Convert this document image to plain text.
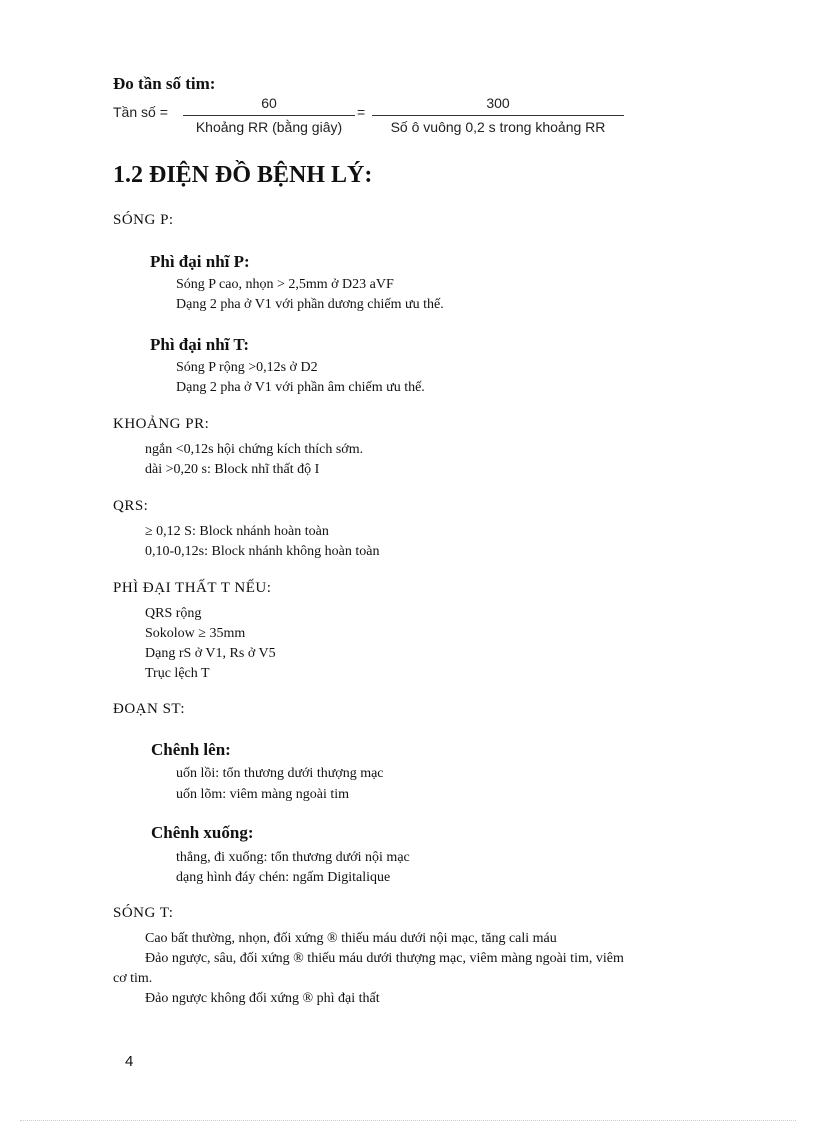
Đo tần số tim:
Tần số =
60
Khoảng RR (bằng giây)
=
300
Số ô vuông 0,2 s trong khoảng RR
1.2 ĐIỆN ĐỒ BỆNH LÝ:
SÓNG P:
Phì đại nhĩ P:
Sóng P cao, nhọn > 2,5mm ở D23 aVF
Dạng 2 pha ở V1 với phần dương chiếm ưu thế.
Phì đại nhĩ T:
Sóng P rộng >0,12s ở D2
Dạng 2 pha ở V1 với phần âm chiếm ưu thế.
KHOẢNG PR:
ngắn <0,12s hội chứng kích thích sớm.
dài >0,20 s: Block nhĩ thất độ I
QRS:
≥ 0,12 S: Block nhánh hoàn toàn
0,10-0,12s: Block nhánh không hoàn toàn
PHÌ ĐẠI THẤT T NẾU:
QRS rộng
Sokolow ≥ 35mm
Dạng rS ở V1, Rs ở V5
Trục lệch T
ĐOẠN ST:
Chênh lên:
uốn lồi: tổn thương dưới thượng mạc
uốn lõm: viêm màng ngoài tim
Chênh xuống:
thẳng, đi xuống: tổn thương dưới nội mạc
dạng hình đáy chén: ngấm Digitalique
SÓNG T:
Cao bất thường, nhọn, đối xứng ® thiếu máu dưới nội mạc, tăng cali máu
Đảo ngược, sâu, đối xứng ® thiếu máu dưới thượng mạc, viêm màng ngoài tim, viêm
cơ tim.
Đảo ngược không đối xứng ® phì đại thất
4
